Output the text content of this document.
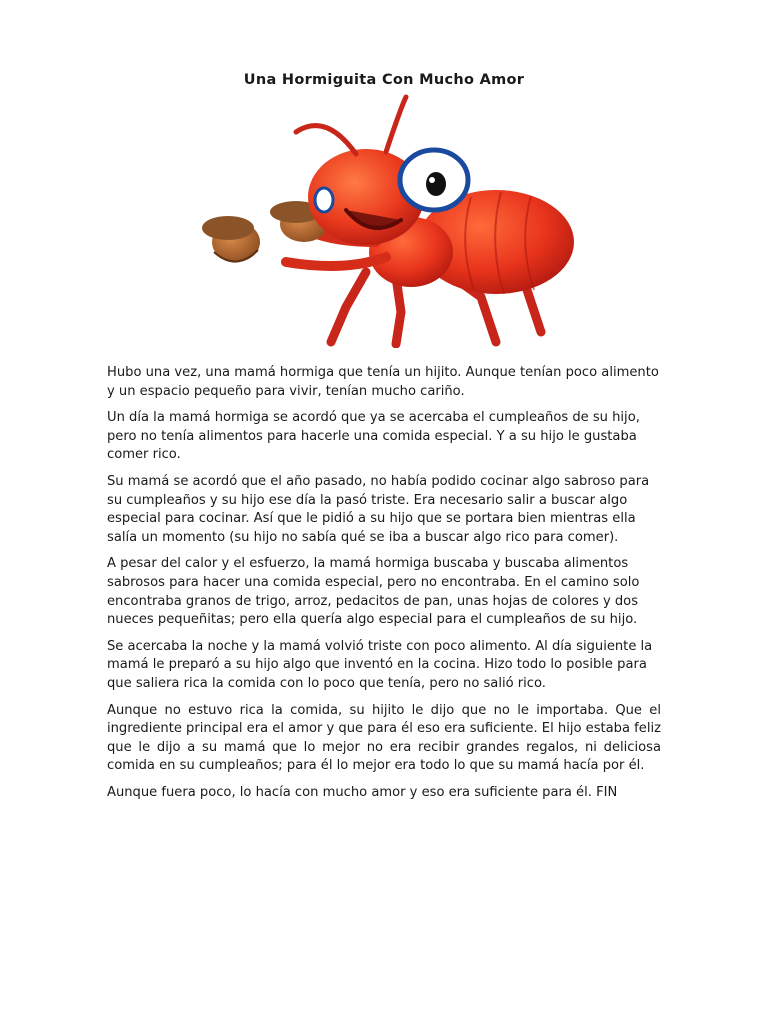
Una Hormiguita Con Mucho Amor

Hubo una vez, una mamá hormiga que tenía un hijito. Aunque tenían poco alimento y un espacio pequeño para vivir, tenían mucho cariño.

Un día la mamá hormiga se acordó que ya se acercaba el cumpleaños de su hijo, pero no tenía alimentos para hacerle una comida especial. Y a su hijo le gustaba comer rico.

Su mamá se acordó que el año pasado, no había podido cocinar algo sabroso para su cumpleaños y su hijo ese día la pasó triste. Era necesario salir a buscar algo especial para cocinar. Así que le pidió a su hijo que se portara bien mientras ella salía un momento (su hijo no sabía qué se iba a buscar algo rico para comer).

A pesar del calor y el esfuerzo, la mamá hormiga buscaba y buscaba alimentos sabrosos para hacer una comida especial, pero no encontraba. En el camino solo encontraba granos de trigo, arroz, pedacitos de pan, unas hojas de colores y dos nueces pequeñitas; pero ella quería algo especial para el cumpleaños de su hijo.

Se acercaba la noche y la mamá volvió triste con poco alimento. Al día siguiente la mamá le preparó a su hijo algo que inventó en la cocina. Hizo todo lo posible para que saliera rica la comida con lo poco que tenía, pero no salió rico.

Aunque no estuvo rica la comida, su hijito le dijo que no le importaba. Que el ingrediente principal era el amor y que para él eso era suficiente. El hijo estaba feliz que le dijo a su mamá que lo mejor no era recibir grandes regalos, ni deliciosa comida en su cumpleaños; para él lo mejor era todo lo que su mamá hacía por él.

Aunque fuera poco, lo hacía con mucho amor y eso era suficiente para él. FIN
